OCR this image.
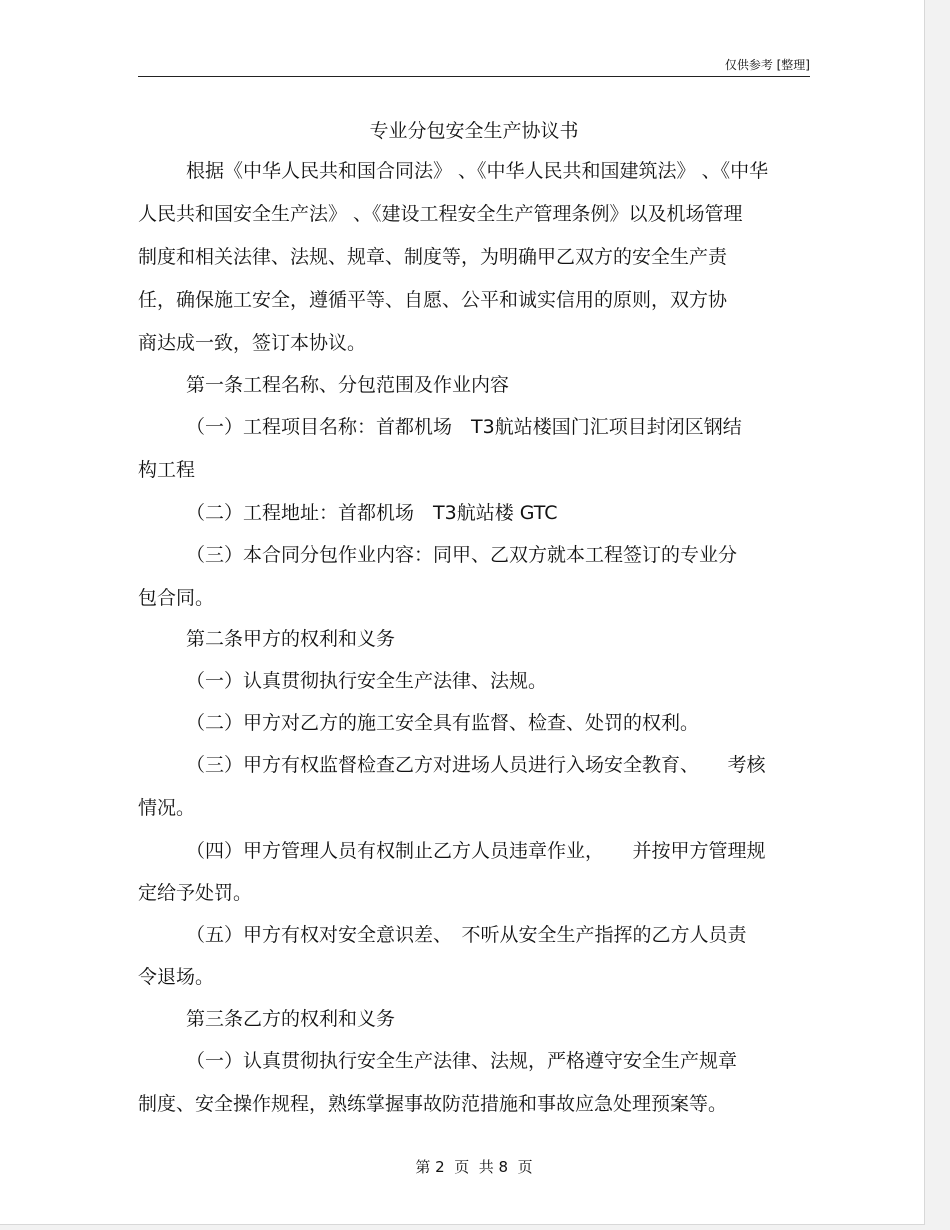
仅供参考 [整理]
专业分包安全生产协议书
根据《中华人民共和国合同法》 、《中华人民共和国建筑法》 、《中华
人民共和国安全生产法》 、《建设工程安全生产管理条例》以及机场管理
制度和相关法律、法规、规章、制度等，为明确甲乙双方的安全生产责
任，确保施工安全，遵循平等、自愿、公平和诚实信用的原则，双方协
商达成一致，签订本协议。
第一条工程名称、分包范围及作业内容
（一）工程项目名称：首都机场　T3航站楼国门汇项目封闭区钢结
构工程
（二）工程地址：首都机场　T3航站楼 GTC
（三）本合同分包作业内容：同甲、乙双方就本工程签订的专业分
包合同。
第二条甲方的权利和义务
（一）认真贯彻执行安全生产法律、法规。
（二）甲方对乙方的施工安全具有监督、检查、处罚的权利。
（三）甲方有权监督检查乙方对进场人员进行入场安全教育、　　考核
情况。
（四）甲方管理人员有权制止乙方人员违章作业，　　并按甲方管理规
定给予处罚。
（五）甲方有权对安全意识差、　不听从安全生产指挥的乙方人员责
令退场。
第三条乙方的权利和义务
（一）认真贯彻执行安全生产法律、法规，严格遵守安全生产规章
制度、安全操作规程，熟练掌握事故防范措施和事故应急处理预案等。
第 2  页  共 8  页
